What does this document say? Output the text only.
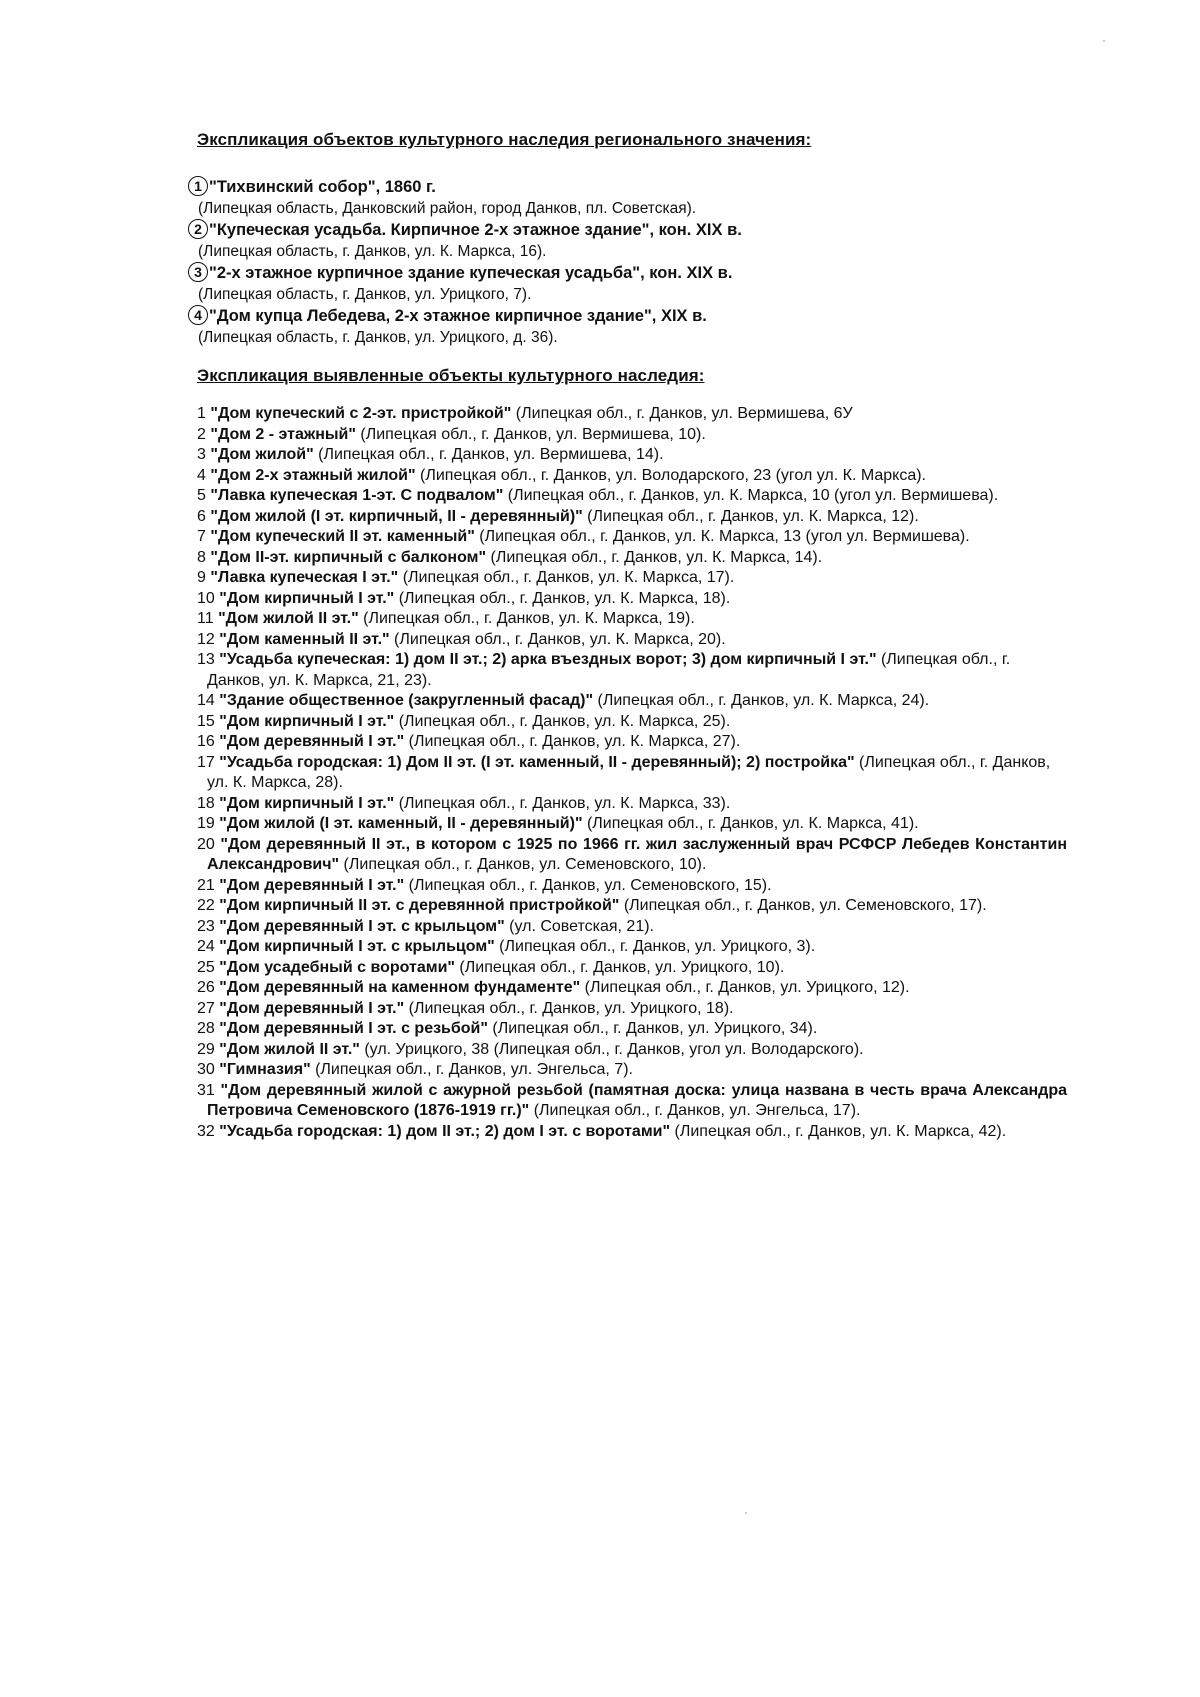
Экспликация объектов культурного наследия регионального значения:
1 "Тихвинский собор", 1860 г.
(Липецкая область, Данковский район, город Данков, пл. Советская).
2 "Купеческая усадьба. Кирпичное 2-х этажное здание", кон. XIX в.
(Липецкая область, г. Данков, ул. К. Маркса, 16).
3 "2-х этажное курпичное здание купеческая усадьба", кон. XIX в.
(Липецкая область, г. Данков, ул. Урицкого, 7).
4 "Дом купца Лебедева, 2-х этажное кирпичное здание", XIX в.
(Липецкая область, г. Данков, ул. Урицкого, д. 36).
Экспликация выявленные объекты культурного наследия:
1 "Дом купеческий с 2-эт. пристройкой" (Липецкая обл., г. Данков, ул. Вермишева, 6У
2 "Дом 2 - этажный" (Липецкая обл., г. Данков, ул. Вермишева, 10).
3 "Дом жилой" (Липецкая обл., г. Данков, ул. Вермишева, 14).
4 "Дом 2-х этажный жилой" (Липецкая обл., г. Данков, ул. Володарского, 23 (угол ул. К. Маркса).
5 "Лавка купеческая 1-эт. С подвалом" (Липецкая обл., г. Данков, ул. К. Маркса, 10 (угол ул. Вермишева).
6 "Дом жилой (I эт. кирпичный, II - деревянный)" (Липецкая обл., г. Данков, ул. К. Маркса, 12).
7 "Дом купеческий II эт. каменный" (Липецкая обл., г. Данков, ул. К. Маркса, 13 (угол ул. Вермишева).
8 "Дом II-эт. кирпичный с балконом" (Липецкая обл., г. Данков, ул. К. Маркса, 14).
9 "Лавка купеческая I эт." (Липецкая обл., г. Данков, ул. К. Маркса, 17).
10 "Дом кирпичный I эт." (Липецкая обл., г. Данков, ул. К. Маркса, 18).
11 "Дом жилой II эт." (Липецкая обл., г. Данков, ул. К. Маркса, 19).
12 "Дом каменный II эт." (Липецкая обл., г. Данков, ул. К. Маркса, 20).
13 "Усадьба купеческая: 1) дом II эт.; 2) арка въездных ворот; 3) дом кирпичный I эт." (Липецкая обл., г. Данков, ул. К. Маркса, 21, 23).
14 "Здание общественное (закругленный фасад)" (Липецкая обл., г. Данков, ул. К. Маркса, 24).
15 "Дом кирпичный I эт." (Липецкая обл., г. Данков, ул. К. Маркса, 25).
16 "Дом деревянный I эт." (Липецкая обл., г. Данков, ул. К. Маркса, 27).
17 "Усадьба городская: 1) Дом II эт. (I эт. каменный, II - деревянный); 2) постройка" (Липецкая обл., г. Данков, ул. К. Маркса, 28).
18 "Дом кирпичный I эт." (Липецкая обл., г. Данков, ул. К. Маркса, 33).
19 "Дом жилой (I эт. каменный, II - деревянный)" (Липецкая обл., г. Данков, ул. К. Маркса, 41).
20 "Дом деревянный II эт., в котором с 1925 по 1966 гг. жил заслуженный врач РСФСР Лебедев Константин Александрович" (Липецкая обл., г. Данков, ул. Семеновского, 10).
21 "Дом деревянный I эт." (Липецкая обл., г. Данков, ул. Семеновского, 15).
22 "Дом кирпичный II эт. с деревянной пристройкой" (Липецкая обл., г. Данков, ул. Семеновского, 17).
23 "Дом деревянный I эт. с крыльцом" (ул. Советская, 21).
24 "Дом кирпичный I эт. с крыльцом" (Липецкая обл., г. Данков, ул. Урицкого, 3).
25 "Дом усадебный с воротами" (Липецкая обл., г. Данков, ул. Урицкого, 10).
26 "Дом деревянный на каменном фундаменте" (Липецкая обл., г. Данков, ул. Урицкого, 12).
27 "Дом деревянный I эт." (Липецкая обл., г. Данков, ул. Урицкого, 18).
28 "Дом деревянный I эт. с резьбой" (Липецкая обл., г. Данков, ул. Урицкого, 34).
29 "Дом жилой II эт." (ул. Урицкого, 38 (Липецкая обл., г. Данков, угол ул. Володарского).
30 "Гимназия" (Липецкая обл., г. Данков, ул. Энгельса, 7).
31 "Дом деревянный жилой с ажурной резьбой (памятная доска: улица названа в честь врача Александра Петровича Семеновского (1876-1919 гг.)" (Липецкая обл., г. Данков, ул. Энгельса, 17).
32 "Усадьба городская: 1) дом II эт.; 2) дом I эт. с воротами" (Липецкая обл., г. Данков, ул. К. Маркса, 42).
